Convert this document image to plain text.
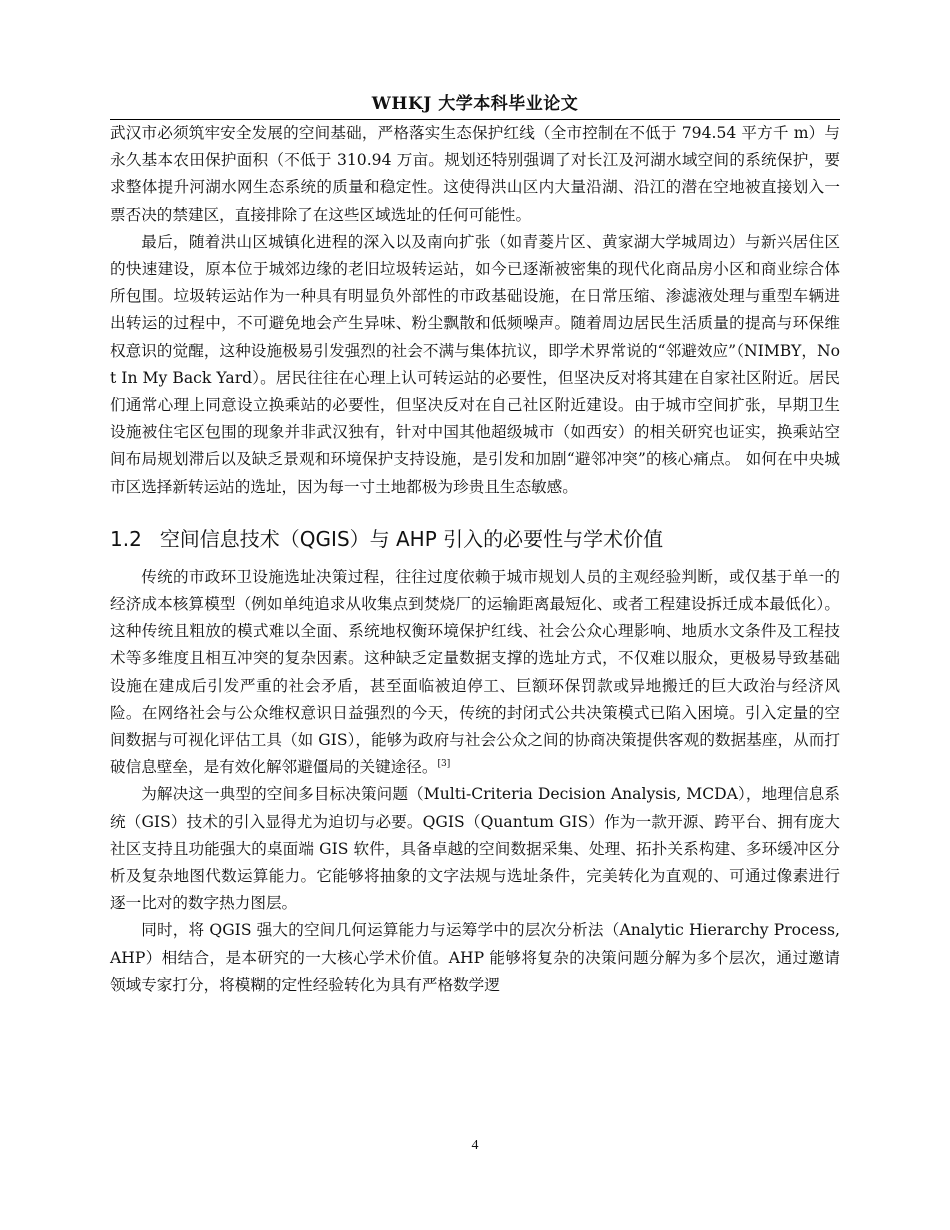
WHKJ 大学本科毕业论文

武汉市必须筑牢安全发展的空间基础，严格落实生态保护红线（全市控制在不低于 794.54 平方千 m）与永久基本农田保护面积（不低于 310.94 万亩。规划还特别强调了对长江及河湖水域空间的系统保护，要求整体提升河湖水网生态系统的质量和稳定性。这使得洪山区内大量沿湖、沿江的潜在空地被直接划入一票否决的禁建区，直接排除了在这些区域选址的任何可能性。

最后，随着洪山区城镇化进程的深入以及南向扩张（如青菱片区、黄家湖大学城周边）与新兴居住区的快速建设，原本位于城郊边缘的老旧垃圾转运站，如今已逐渐被密集的现代化商品房小区和商业综合体所包围。垃圾转运站作为一种具有明显负外部性的市政基础设施，在日常压缩、渗滤液处理与重型车辆进出转运的过程中，不可避免地会产生异味、粉尘飘散和低频噪声。随着周边居民生活质量的提高与环保维权意识的觉醒，这种设施极易引发强烈的社会不满与集体抗议，即学术界常说的“邻避效应”（NIMBY，Not In My Back Yard）。居民往往在心理上认可转运站的必要性，但坚决反对将其建在自家社区附近。居民们通常心理上同意设立换乘站的必要性，但坚决反对在自己社区附近建设。由于城市空间扩张，早期卫生设施被住宅区包围的现象并非武汉独有，针对中国其他超级城市（如西安）的相关研究也证实，换乘站空间布局规划滞后以及缺乏景观和环境保护支持设施，是引发和加剧“避邻冲突”的核心痛点。 如何在中央城市区选择新转运站的选址，因为每一寸土地都极为珍贵且生态敏感。

1.2 空间信息技术（QGIS）与 AHP 引入的必要性与学术价值

传统的市政环卫设施选址决策过程，往往过度依赖于城市规划人员的主观经验判断，或仅基于单一的经济成本核算模型（例如单纯追求从收集点到焚烧厂的运输距离最短化、或者工程建设拆迁成本最低化）。这种传统且粗放的模式难以全面、系统地权衡环境保护红线、社会公众心理影响、地质水文条件及工程技术等多维度且相互冲突的复杂因素。这种缺乏定量数据支撑的选址方式，不仅难以服众，更极易导致基础设施在建成后引发严重的社会矛盾，甚至面临被迫停工、巨额环保罚款或异地搬迁的巨大政治与经济风险。在网络社会与公众维权意识日益强烈的今天，传统的封闭式公共决策模式已陷入困境。引入定量的空间数据与可视化评估工具（如 GIS），能够为政府与社会公众之间的协商决策提供客观的数据基座，从而打破信息壁垒，是有效化解邻避僵局的关键途径。[3]

为解决这一典型的空间多目标决策问题（Multi-Criteria Decision Analysis, MCDA），地理信息系统（GIS）技术的引入显得尤为迫切与必要。QGIS（Quantum GIS）作为一款开源、跨平台、拥有庞大社区支持且功能强大的桌面端 GIS 软件，具备卓越的空间数据采集、处理、拓扑关系构建、多环缓冲区分析及复杂地图代数运算能力。它能够将抽象的文字法规与选址条件，完美转化为直观的、可通过像素进行逐一比对的数字热力图层。

同时，将 QGIS 强大的空间几何运算能力与运筹学中的层次分析法（Analytic Hierarchy Process, AHP）相结合，是本研究的一大核心学术价值。AHP 能够将复杂的决策问题分解为多个层次，通过邀请领域专家打分，将模糊的定性经验转化为具有严格数学逻

4
